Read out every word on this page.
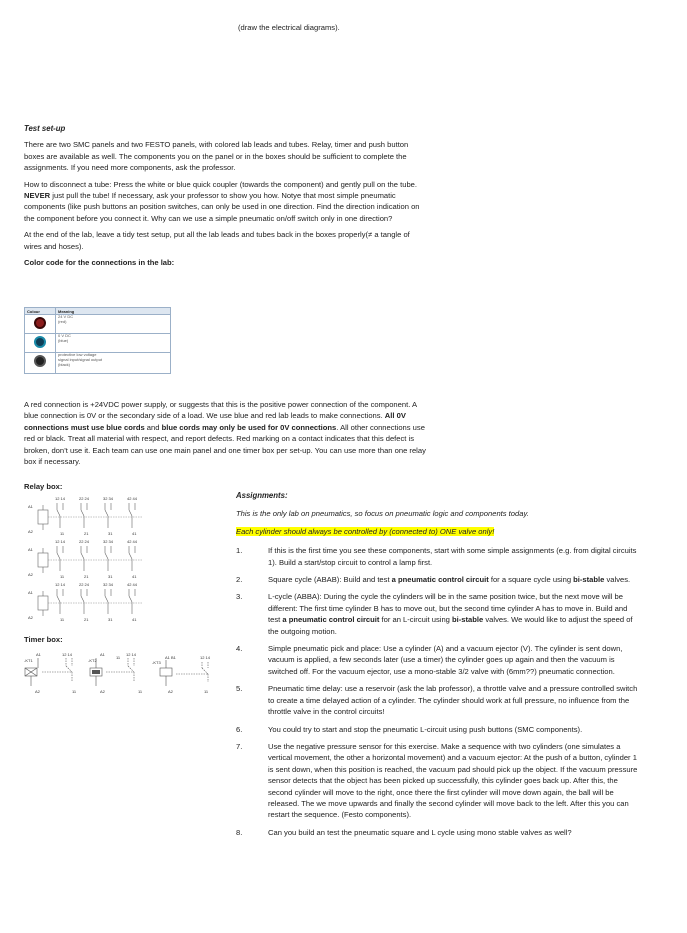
(draw the electrical diagrams).

Test set-up

There are two SMC panels and two FESTO panels, with colored lab leads and tubes. Relay, timer and push button boxes are available as well. The components you on the panel or in the boxes should be sufficient to complete the assignments. If you need more components, ask the professor.

How to disconnect a tube: Press the white or blue quick coupler (towards the component) and gently pull on the tube. NEVER just pull the tube! If necessary, ask your professor to show you how. Notye that most simple pneumatic components (like push buttons an position switches, can only be used in one direction. Find the direction indication on the component before you connect it. Why can we use a simple pneumatic on/off switch only in one direction?

At the end of the lab, leave a tidy test setup, put all the lab leads and tubes back in the boxes properly(≠ a tangle of wires and hoses).

Color code for the connections in the lab:

Colour	Meaning

	24 V DC
(red)

	0 V DC
(blue)

	protective low voltage
signal input/signal output
(black)
A red connection is +24VDC power supply, or suggests that this is the positive power connection of the component. A blue connection is 0V or the secondary side of a load. We use blue and red lab leads to make connections. All 0V connections must use blue cords and blue cords may only be used for 0V connections. All other connections use red or black. Treat all material with respect, and report defects. Red marking on a contact indicates that this defect is broken, don’t use it. Each team can use one main panel and one timer box per set-up. You can use more than one relay box if necessary.
Relay box:
A1
A2
12 14
11
22 24
21
32 34
31
42 44
41
A1
A2
12 14
11
22 24
21
32 34
31
42 44
41
A1
A2
12 14
11
22 24
21
32 34
31
42 44
41
Timer box:
A1
-KT1
A2
12 14
11
A1
-KT2
A2
11
12 14
11
A1 B1
-KT3
A2
12 14
11

Assignments:

This is the only lab on pneumatics, so focus on pneumatic logic and components today.

Each cylinder should always be controlled by (connected to) ONE valve only!

1.	If this is the first time you see these components, start with some simple assignments (e.g. from digital circuits 1). Build a start/stop circuit to control a lamp first.
2.	Square cycle (ABAB): Build and test a pneumatic control circuit for a square cycle using bi-stable valves.
3.	L-cycle (ABBA): During the cycle the cylinders will be in the same position twice, but the next move will be different: The first time cylinder B has to move out, but the second time cylinder A has to move in. Build and test a pneumatic control circuit for an L-circuit using bi-stable valves. We would like to adjust the speed of the outgoing motion.
4.	Simple pneumatic pick and place: Use a cylinder (A) and a vacuum ejector (V). The cylinder is sent down, vacuum is applied, a few seconds later (use a timer) the cylinder goes up again and then the vacuum is switched off. For the vacuum ejector, use a mono-stable 3/2 valve with (6mm??) pneumatic connection.
5.	Pneumatic time delay: use a reservoir (ask the lab professor), a throttle valve and a pressure controlled switch to create a time delayed action of a cylinder. The cylinder should work at full pressure, no influence from the throttle valve in the control circuits!
6.	You could try to start and stop the pneumatic L-circuit using push buttons (SMC components).
7.	Use the negative pressure sensor for this exercise. Make a sequence with two cylinders (one simulates a vertical movement, the other a horizontal movement) and a vacuum ejector: At the push of a button, cylinder 1 is sent down, when this position is reached, the vacuum pad should pick up the object. If the vacuum pressure sensor detects that the object has been picked up successfully, this cylinder goes back up. After this, the second cylinder will move to the right, once there the first cylinder will move down again, the ball will be released. The we move upwards and finally the second cylinder will move back to the left. After this you can restart the sequence. (Festo components).
8.	Can you build an test the pneumatic square and L cycle using mono stable valves as well?
